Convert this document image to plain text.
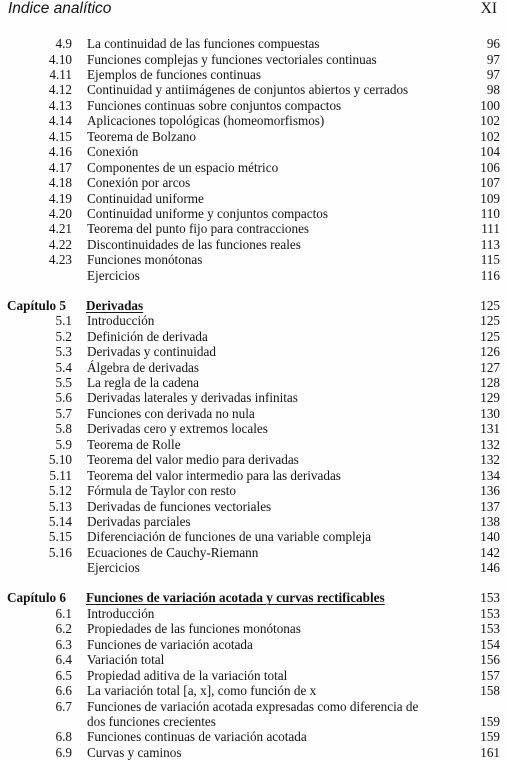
Indice analítico	XI
4.9 La continuidad de las funciones compuestas	96
4.10 Funciones complejas y funciones vectoriales continuas	97
4.11 Ejemplos de funciones continuas	97
4.12 Continuidad y antiimágenes de conjuntos abiertos y cerrados	98
4.13 Funciones continuas sobre conjuntos compactos	100
4.14 Aplicaciones topológicas (homeomorfismos)	102
4.15 Teorema de Bolzano	102
4.16 Conexión	104
4.17 Componentes de un espacio métrico	106
4.18 Conexión por arcos	107
4.19 Continuidad uniforme	109
4.20 Continuidad uniforme y conjuntos compactos	110
4.21 Teorema del punto fijo para contracciones	111
4.22 Discontinuidades de las funciones reales	113
4.23 Funciones monótonas	115
Ejercicios	116
Capítulo 5 Derivadas	125
5.1 Introducción	125
5.2 Definición de derivada	125
5.3 Derivadas y continuidad	126
5.4 Álgebra de derivadas	127
5.5 La regla de la cadena	128
5.6 Derivadas laterales y derivadas infinitas	129
5.7 Funciones con derivada no nula	130
5.8 Derivadas cero y extremos locales	131
5.9 Teorema de Rolle	132
5.10 Teorema del valor medio para derivadas	132
5.11 Teorema del valor intermedio para las derivadas	134
5.12 Fórmula de Taylor con resto	136
5.13 Derivadas de funciones vectoriales	137
5.14 Derivadas parciales	138
5.15 Diferenciación de funciones de una variable compleja	140
5.16 Ecuaciones de Cauchy-Riemann	142
Ejercicios	146
Capítulo 6 Funciones de variación acotada y curvas rectificables	153
6.1 Introducción	153
6.2 Propiedades de las funciones monótonas	153
6.3 Funciones de variación acotada	154
6.4 Variación total	156
6.5 Propiedad aditiva de la variación total	157
6.6 La variación total [a, x], como función de x	158
6.7 Funciones de variación acotada expresadas como diferencia de
dos funciones crecientes	159
6.8 Funciones continuas de variación acotada	159
6.9 Curvas y caminos	161
